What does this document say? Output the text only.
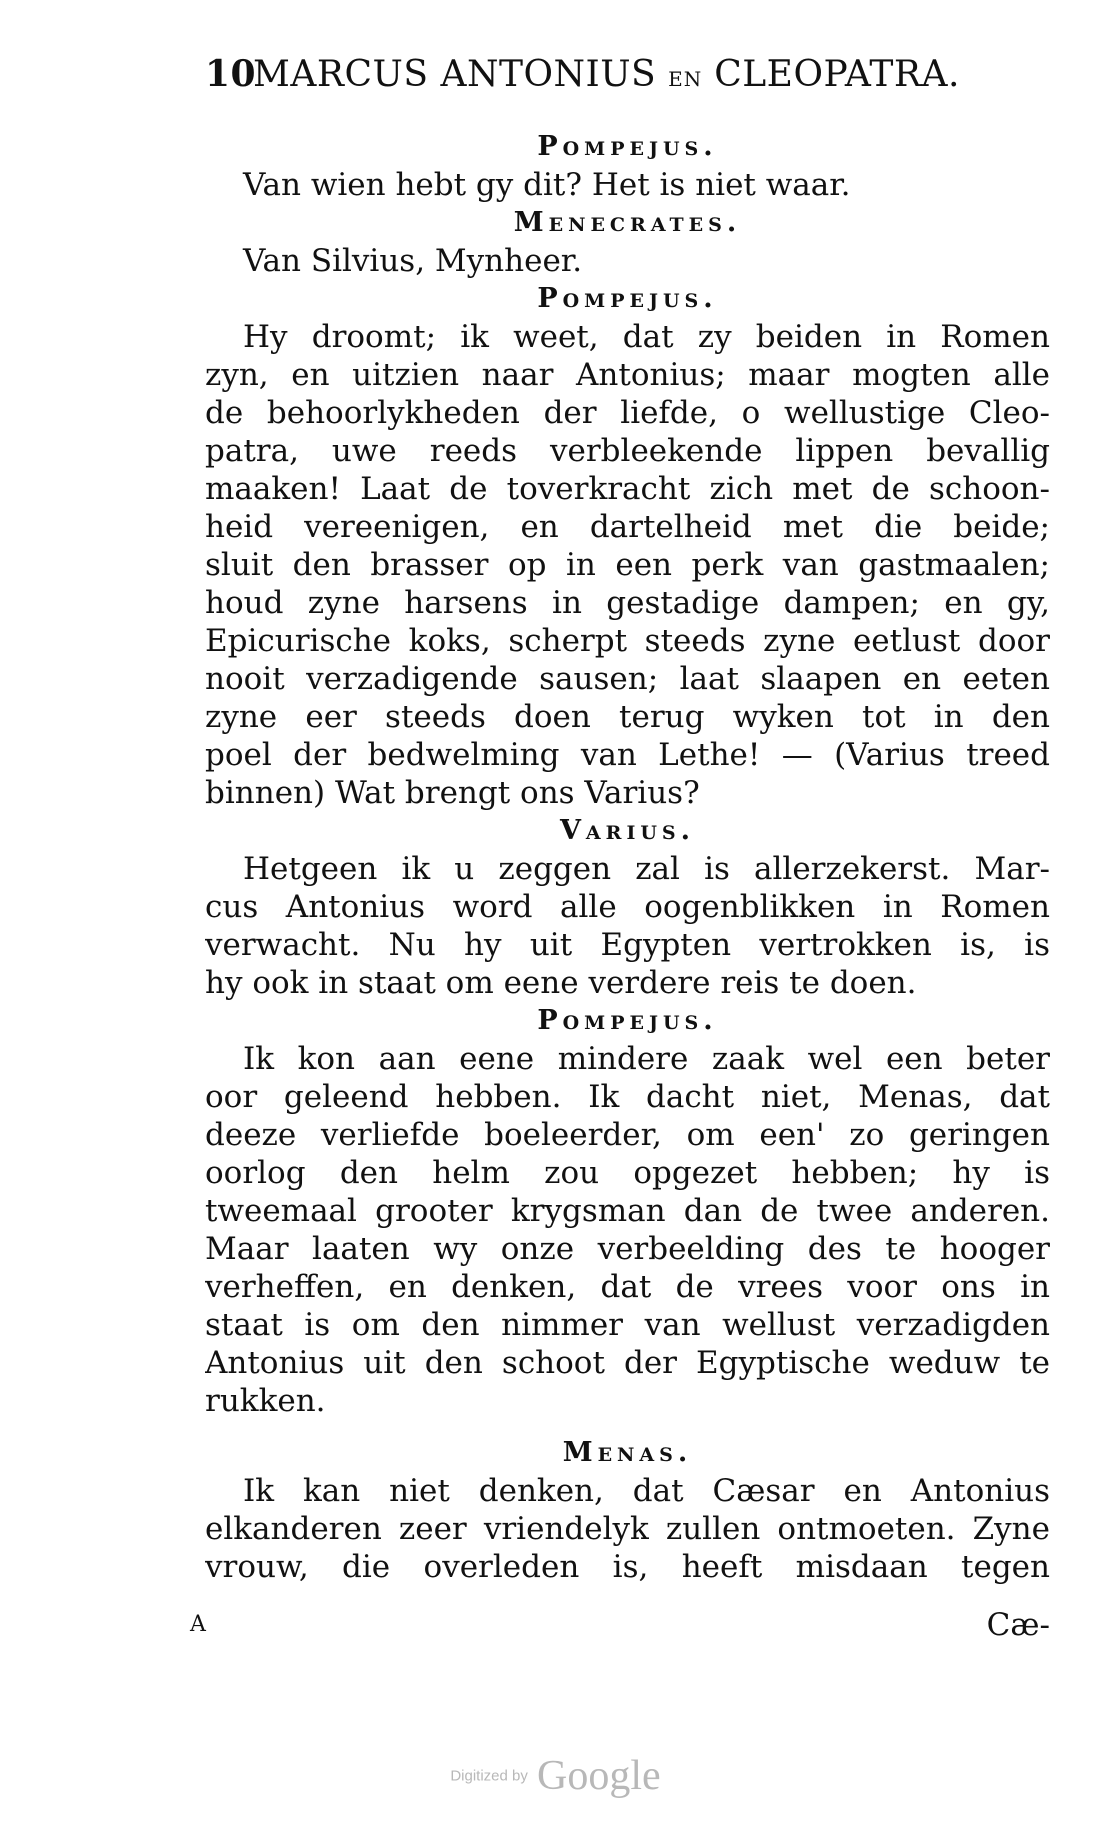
10MARCUS ANTONIUS EN CLEOPATRA.
Pompejus.
Van wien hebt gy dit? Het is niet waar.
Menecrates.
Van Silvius, Mynheer.
Pompejus.
Hy droomt; ik weet, dat zy beiden in Romen
zyn, en uitzien naar Antonius; maar mogten alle
de behoorlykheden der liefde, o wellustige Cleo-
patra, uwe reeds verbleekende lippen bevallig
maaken! Laat de toverkracht zich met de schoon-
heid vereenigen, en dartelheid met die beide;
sluit den brasser op in een perk van gastmaalen;
houd zyne harsens in gestadige dampen; en gy,
Epicurische koks, scherpt steeds zyne eetlust door
nooit verzadigende sausen; laat slaapen en eeten
zyne eer steeds doen terug wyken tot in den
poel der bedwelming van Lethe! — (Varius treed
binnen) Wat brengt ons Varius?
Varius.
Hetgeen ik u zeggen zal is allerzekerst. Mar-
cus Antonius word alle oogenblikken in Romen
verwacht. Nu hy uit Egypten vertrokken is, is
hy ook in staat om eene verdere reis te doen.
Pompejus.
Ik kon aan eene mindere zaak wel een beter
oor geleend hebben. Ik dacht niet, Menas, dat
deeze verliefde boeleerder, om een' zo geringen
oorlog den helm zou opgezet hebben; hy is
tweemaal grooter krygsman dan de twee anderen.
Maar laaten wy onze verbeelding des te hooger
verheffen, en denken, dat de vrees voor ons in
staat is om den nimmer van wellust verzadigden
Antonius uit den schoot der Egyptische weduw te
rukken.
Menas.
Ik kan niet denken, dat Cæsar en Antonius
elkanderen zeer vriendelyk zullen ontmoeten. Zyne
vrouw, die overleden is, heeft misdaan tegen
A	Cæ-
Digitized by Google
